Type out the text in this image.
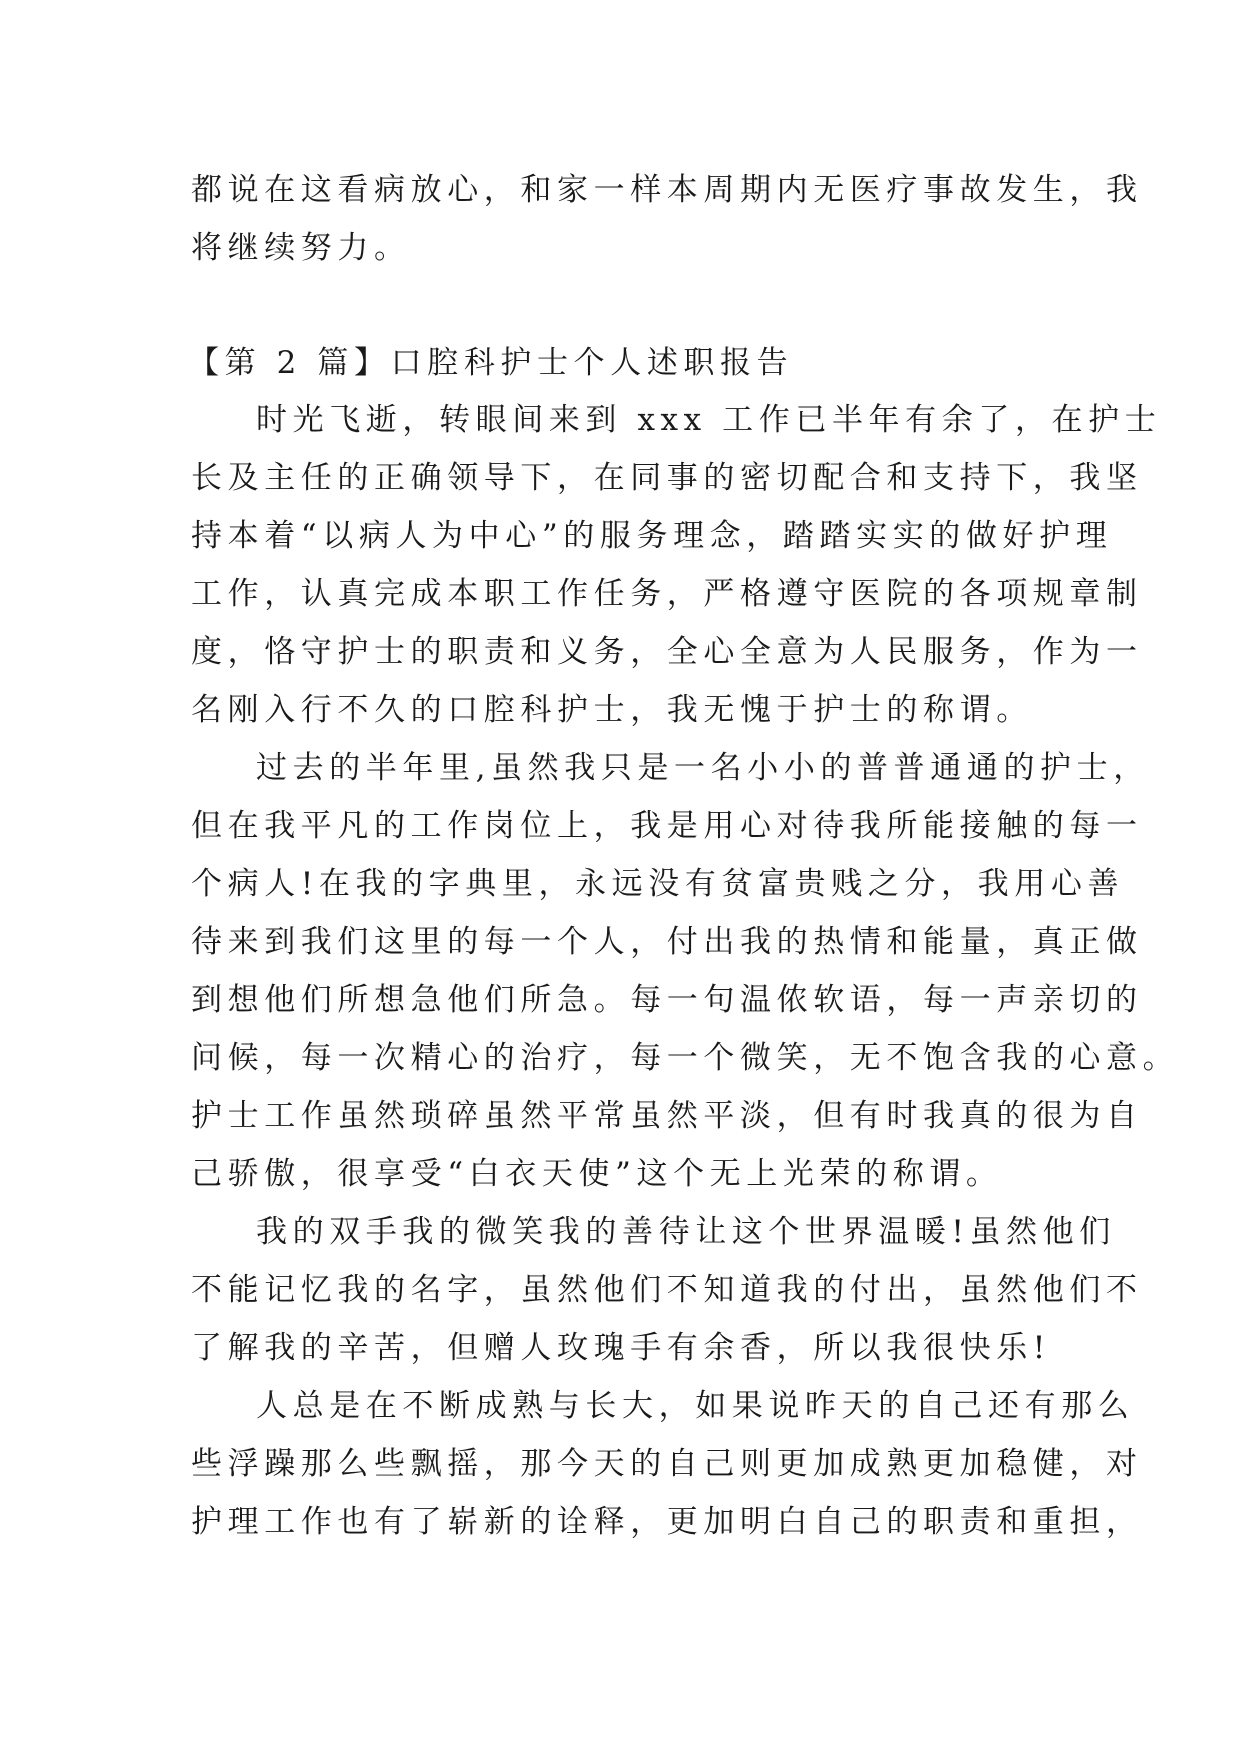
都说在这看病放心，和家一样本周期内无医疗事故发生，我
将继续努力。
【第 2 篇】口腔科护士个人述职报告
时光飞逝，转眼间来到 xxx 工作已半年有余了，在护士
长及主任的正确领导下，在同事的密切配合和支持下，我坚
持本着“以病人为中心”的服务理念，踏踏实实的做好护理
工作，认真完成本职工作任务，严格遵守医院的各项规章制
度，恪守护士的职责和义务，全心全意为人民服务，作为一
名刚入行不久的口腔科护士，我无愧于护士的称谓。
过去的半年里,虽然我只是一名小小的普普通通的护士，
但在我平凡的工作岗位上，我是用心对待我所能接触的每一
个病人!在我的字典里，永远没有贫富贵贱之分，我用心善
待来到我们这里的每一个人，付出我的热情和能量，真正做
到想他们所想急他们所急。每一句温侬软语，每一声亲切的
问候，每一次精心的治疗，每一个微笑，无不饱含我的心意。
护士工作虽然琐碎虽然平常虽然平淡，但有时我真的很为自
己骄傲，很享受“白衣天使”这个无上光荣的称谓。
我的双手我的微笑我的善待让这个世界温暖!虽然他们
不能记忆我的名字，虽然他们不知道我的付出，虽然他们不
了解我的辛苦，但赠人玫瑰手有余香，所以我很快乐!
人总是在不断成熟与长大，如果说昨天的自己还有那么
些浮躁那么些飘摇，那今天的自己则更加成熟更加稳健，对
护理工作也有了崭新的诠释，更加明白自己的职责和重担，
